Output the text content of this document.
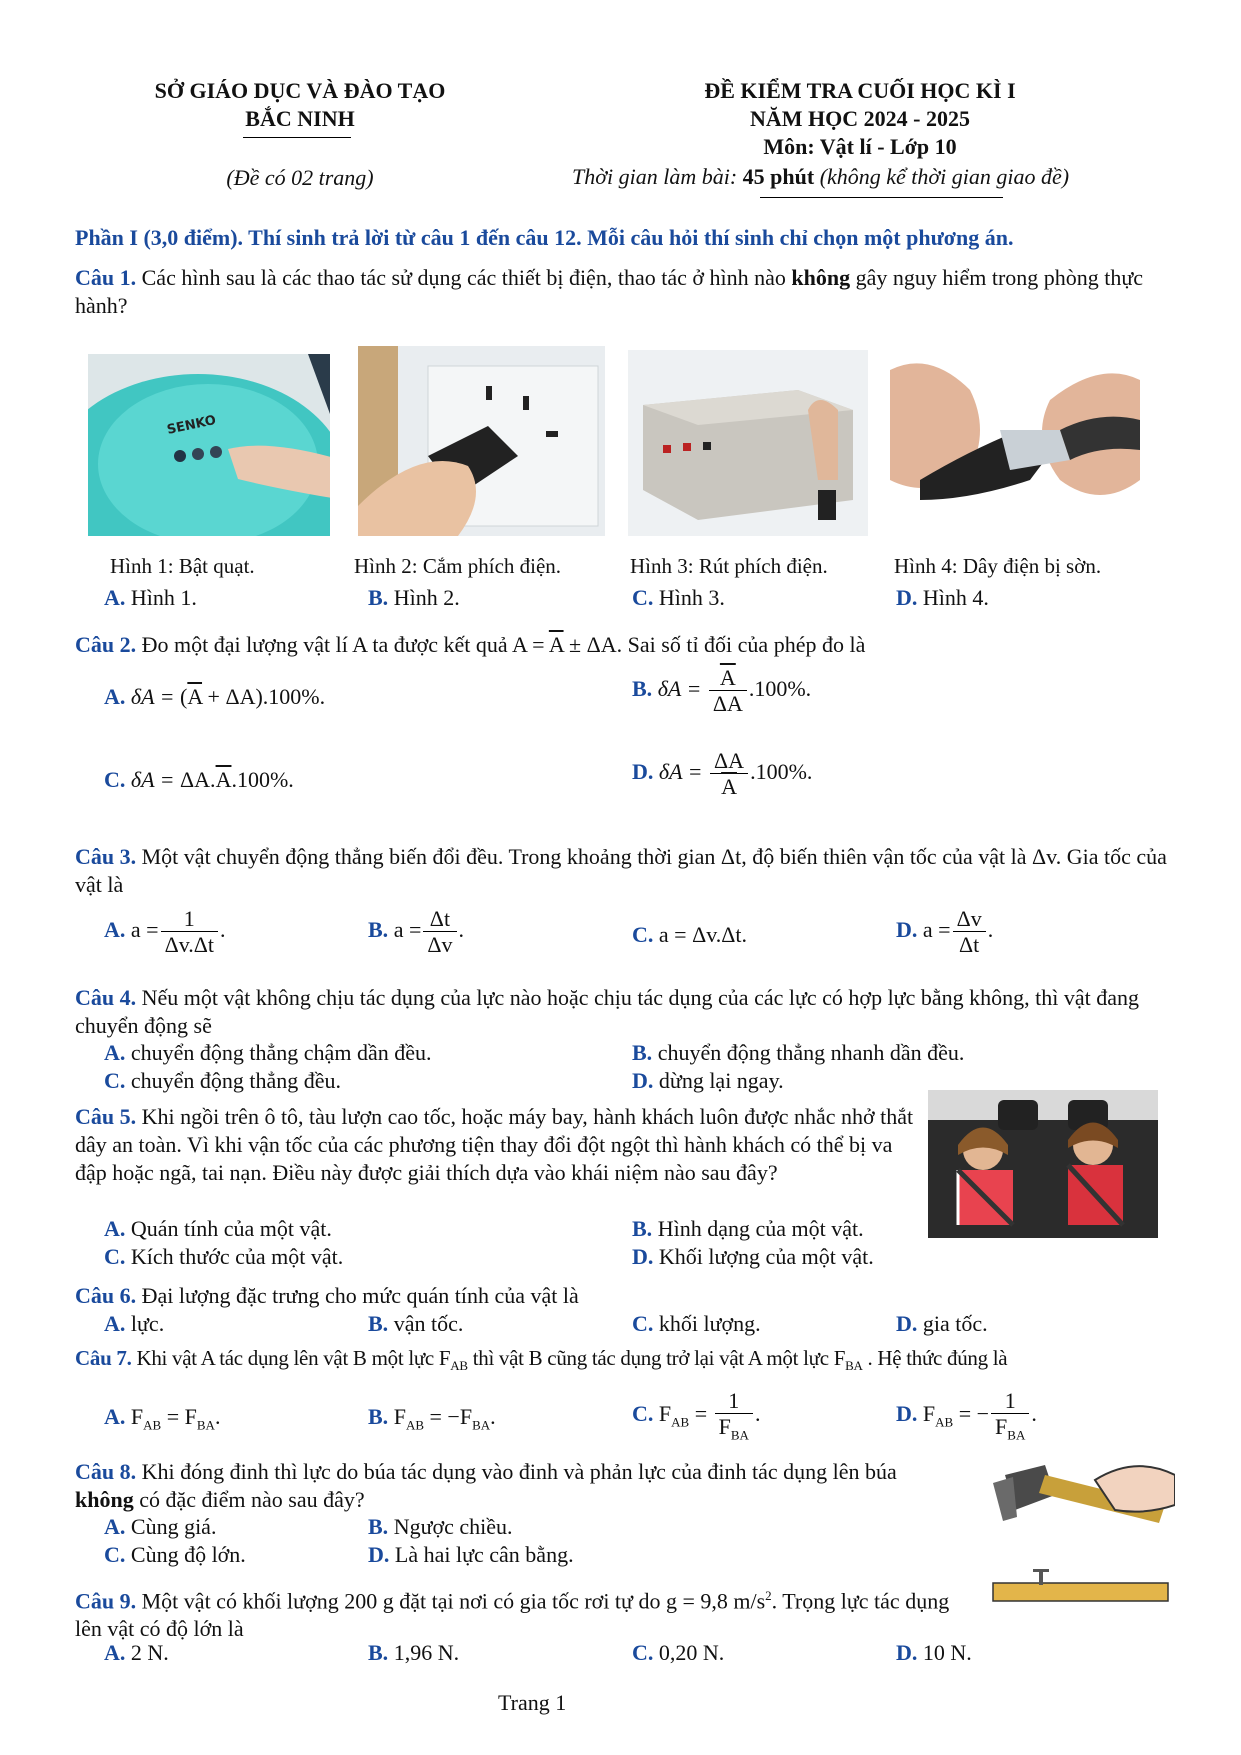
SỞ GIÁO DỤC VÀ ĐÀO TẠO
BẮC NINH
(Đề có 02 trang)
ĐỀ KIỂM TRA CUỐI HỌC KÌ I
NĂM HỌC 2024 - 2025
Môn: Vật lí - Lớp 10
Thời gian làm bài: 45 phút (không kể thời gian giao đề)
Phần I (3,0 điểm). Thí sinh trả lời từ câu 1 đến câu 12. Mỗi câu hỏi thí sinh chỉ chọn một phương án.
Câu 1. Các hình sau là các thao tác sử dụng các thiết bị điện, thao tác ở hình nào không gây nguy hiểm trong phòng thực hành?
SENKO
Hình 1: Bật quạt.	Hình 2: Cắm phích điện.	Hình 3: Rút phích điện.	Hình 4: Dây điện bị sờn.
A. Hình 1.	B. Hình 2.	C. Hình 3.	D. Hình 4.
Câu 2. Đo một đại lượng vật lí A ta được kết quả $A = \overline{A} \pm \Delta A$. Sai số tỉ đối của phép đo là
A. $\delta A = (\overline{A} + \Delta A).100\%$.	B. $\delta A = \frac{\overline{A}}{\Delta A} .100\%$.
C. $\delta A = \Delta A.\overline{A}.100\%$.	D. $\delta A = \frac{\Delta A}{A} .100\%$.
Câu 3. Một vật chuyển động thẳng biến đổi đều. Trong khoảng thời gian Δt, độ biến thiên vận tốc của vật là Δv. Gia tốc của vật là
A. $a = \frac{1}{\Delta v.\Delta t}$ .	B. $a = \frac{\Delta t}{\Delta v}$ .	C. a = Δv.Δt.	D. $a = \frac{\Delta v}{\Delta t}$ .
Câu 4. Nếu một vật không chịu tác dụng của lực nào hoặc chịu tác dụng của các lực có hợp lực bằng không, thì vật đang chuyển động sẽ
A. chuyển động thẳng chậm dần đều.	B. chuyển động thẳng nhanh dần đều.
C. chuyển động thẳng đều.	D. dừng lại ngay.
Câu 5. Khi ngồi trên ô tô, tàu lượn cao tốc, hoặc máy bay, hành khách luôn được nhắc nhở thắt dây an toàn. Vì khi vận tốc của các phương tiện thay đổi đột ngột thì hành khách có thể bị va đập hoặc ngã, tai nạn. Điều này được giải thích dựa vào khái niệm nào sau đây?
A. Quán tính của một vật.	B. Hình dạng của một vật.
C. Kích thước của một vật.	D. Khối lượng của một vật.
Câu 6. Đại lượng đặc trưng cho mức quán tính của vật là
A. lực.	B. vận tốc.	C. khối lượng.	D. gia tốc.
Câu 7. Khi vật A tác dụng lên vật B một lực $F_{AB}$ thì vật B cũng tác dụng trở lại vật A một lực $F_{BA}$ . Hệ thức đúng là
A. $F_{AB} = F_{BA}$.	B. $F_{AB} = -F_{BA}$.	C. $F_{AB} = \frac{1}{F_{BA}}$ .	D. $F_{AB}$ = − $\frac{1}{F_{BA}}$ .
Câu 8. Khi đóng đinh thì lực do búa tác dụng vào đinh và phản lực của đinh tác dụng lên búa không có đặc điểm nào sau đây?
A. Cùng giá.	B. Ngược chiều.
C. Cùng độ lớn.	D. Là hai lực cân bằng.
Câu 9. Một vật có khối lượng 200 g đặt tại nơi có gia tốc rơi tự do g = 9,8 $m/s^2$. Trọng lực tác dụng lên vật có độ lớn là
A. 2 N.	B. 1,96 N.	C. 0,20 N.	D. 10 N.
Trang 1
